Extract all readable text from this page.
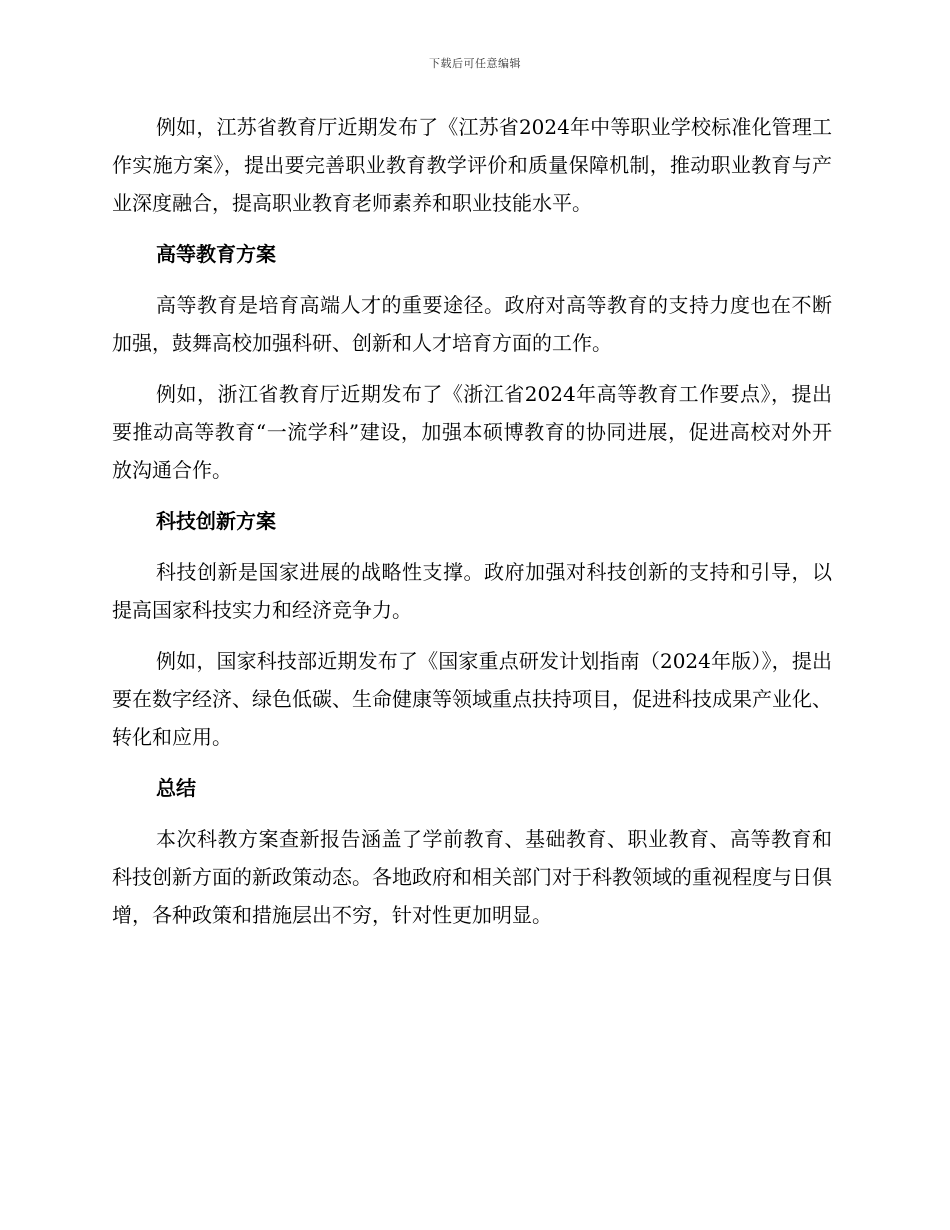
下载后可任意编辑

例如，江苏省教育厅近期发布了《江苏省2024年中等职业学校标准化管理工作实施方案》，提出要完善职业教育教学评价和质量保障机制，推动职业教育与产业深度融合，提高职业教育老师素养和职业技能水平。

高等教育方案

高等教育是培育高端人才的重要途径。政府对高等教育的支持力度也在不断加强，鼓舞高校加强科研、创新和人才培育方面的工作。

例如，浙江省教育厅近期发布了《浙江省2024年高等教育工作要点》，提出要推动高等教育“一流学科”建设，加强本硕博教育的协同进展，促进高校对外开放沟通合作。

科技创新方案

科技创新是国家进展的战略性支撑。政府加强对科技创新的支持和引导，以提高国家科技实力和经济竞争力。

例如，国家科技部近期发布了《国家重点研发计划指南（2024年版）》，提出要在数字经济、绿色低碳、生命健康等领域重点扶持项目，促进科技成果产业化、转化和应用。

总结

本次科教方案查新报告涵盖了学前教育、基础教育、职业教育、高等教育和科技创新方面的新政策动态。各地政府和相关部门对于科教领域的重视程度与日俱增，各种政策和措施层出不穷，针对性更加明显。
